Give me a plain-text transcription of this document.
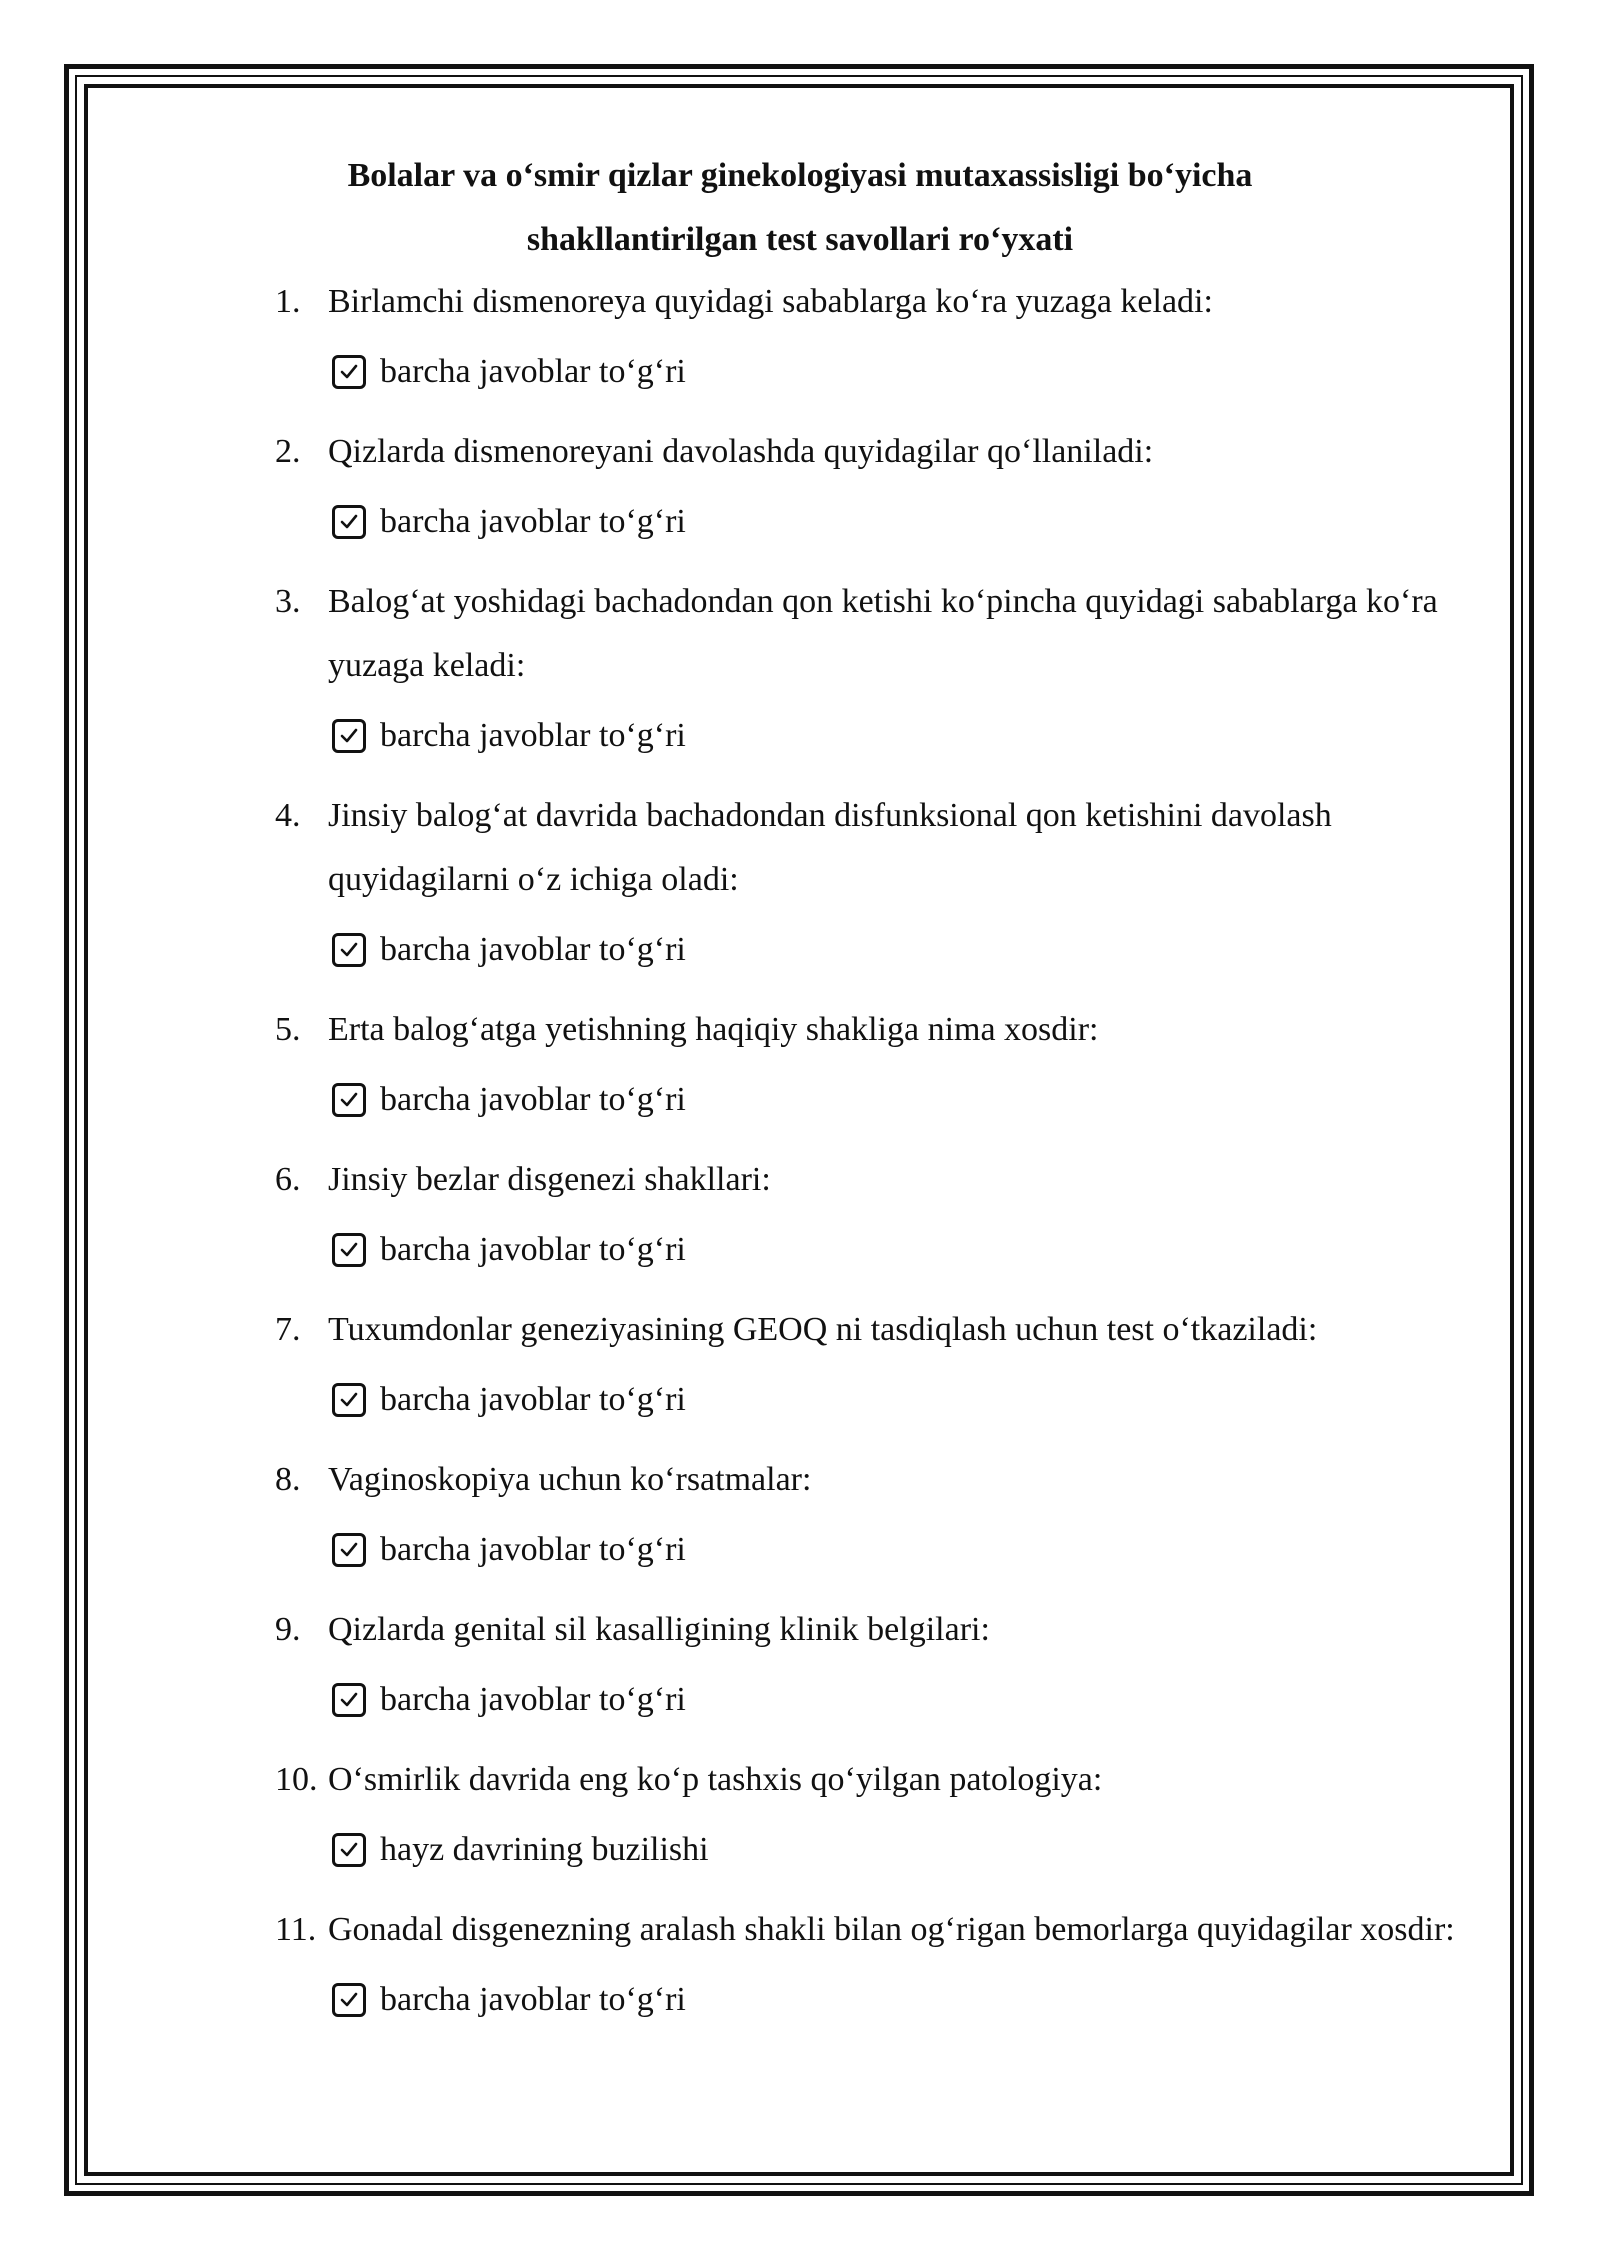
Bolalar va o‘smir qizlar ginekologiyasi mutaxassisligi bo‘yicha
shakllantirilgan test savollari ro‘yxati
1. Birlamchi dismenoreya quyidagi sabablarga ko‘ra yuzaga keladi:
barcha javoblar to‘g‘ri
2. Qizlarda dismenoreyani davolashda quyidagilar qo‘llaniladi:
barcha javoblar to‘g‘ri
3. Balog‘at yoshidagi bachadondan qon ketishi ko‘pincha quyidagi sabablarga ko‘ra yuzaga keladi:
barcha javoblar to‘g‘ri
4. Jinsiy balog‘at davrida bachadondan disfunksional qon ketishini davolash quyidagilarni o‘z ichiga oladi:
barcha javoblar to‘g‘ri
5. Erta balog‘atga yetishning haqiqiy shakliga nima xosdir:
barcha javoblar to‘g‘ri
6. Jinsiy bezlar disgenezi shakllari:
barcha javoblar to‘g‘ri
7. Tuxumdonlar geneziyasining GEOQ ni tasdiqlash uchun test o‘tkaziladi:
barcha javoblar to‘g‘ri
8. Vaginoskopiya uchun ko‘rsatmalar:
barcha javoblar to‘g‘ri
9. Qizlarda genital sil kasalligining klinik belgilari:
barcha javoblar to‘g‘ri
10. O‘smirlik davrida eng ko‘p tashxis qo‘yilgan patologiya:
hayz davrining buzilishi
11. Gonadal disgenezning aralash shakli bilan og‘rigan bemorlarga quyidagilar xosdir:
barcha javoblar to‘g‘ri
